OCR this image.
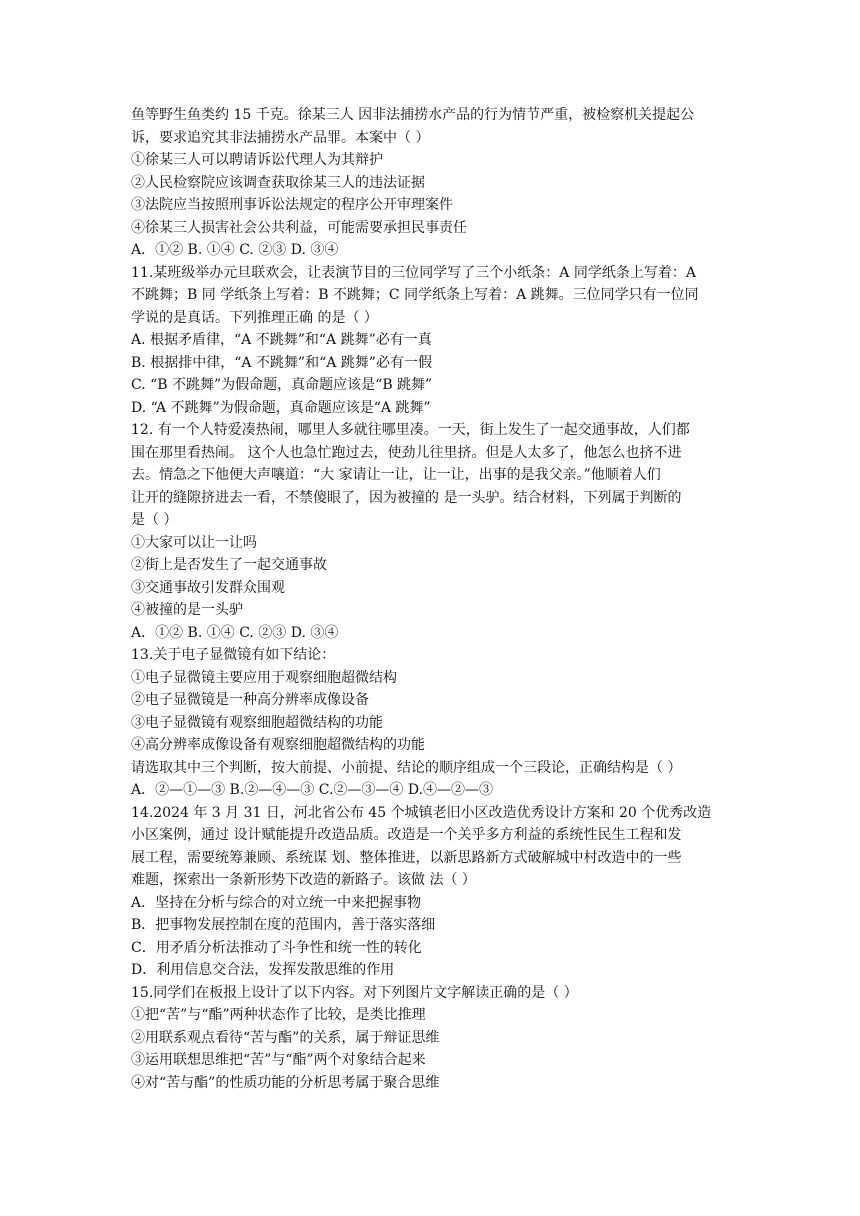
鱼等野生鱼类约 15 千克。徐某三人 因非法捕捞水产品的行为情节严重，被检察机关提起公
诉，要求追究其非法捕捞水产品罪。本案中（ ）
①徐某三人可以聘请诉讼代理人为其辩护
②人民检察院应该调查获取徐某三人的违法证据
③法院应当按照刑事诉讼法规定的程序公开审理案件
④徐某三人损害社会公共利益，可能需要承担民事责任
A．①② B. ①④ C. ②③ D. ③④
11.某班级举办元旦联欢会，让表演节目的三位同学写了三个小纸条：A 同学纸条上写着：A
不跳舞；B 同 学纸条上写着：B 不跳舞；C 同学纸条上写着：A 跳舞。三位同学只有一位同
学说的是真话。下列推理正确 的是（ ）
A. 根据矛盾律，“A 不跳舞”和“A 跳舞”必有一真
B. 根据排中律，“A 不跳舞”和“A 跳舞”必有一假
C. “B 不跳舞”为假命题，真命题应该是“B 跳舞”
D. “A 不跳舞”为假命题，真命题应该是“A 跳舞”
12. 有一个人特爱凑热闹，哪里人多就往哪里凑。一天，街上发生了一起交通事故，人们都
围在那里看热闹。 这个人也急忙跑过去，使劲儿往里挤。但是人太多了，他怎么也挤不进
去。情急之下他便大声嚷道：“大 家请让一让，让一让，出事的是我父亲。”他顺着人们
让开的缝隙挤进去一看，不禁傻眼了，因为被撞的 是一头驴。结合材料，下列属于判断的
是（ ）
①大家可以让一让吗
②街上是否发生了一起交通事故
③交通事故引发群众围观
④被撞的是一头驴
A．①② B. ①④ C. ②③ D. ③④
13.关于电子显微镜有如下结论：
①电子显微镜主要应用于观察细胞超微结构
②电子显微镜是一种高分辨率成像设备
③电子显微镜有观察细胞超微结构的功能
④高分辨率成像设备有观察细胞超微结构的功能
请选取其中三个判断，按大前提、小前提、结论的顺序组成一个三段论，正确结构是（ ）
A．②—①—③ B.②—④—③ C.②—③—④ D.④—②—③
14.2024 年 3 月 31 日，河北省公布 45 个城镇老旧小区改造优秀设计方案和 20 个优秀改造
小区案例，通过 设计赋能提升改造品质。改造是一个关乎多方利益的系统性民生工程和发
展工程，需要统筹兼顾、系统谋 划、整体推进，以新思路新方式破解城中村改造中的一些
难题，探索出一条新形势下改造的新路子。该做 法（ ）
A．坚持在分析与综合的对立统一中来把握事物
B．把事物发展控制在度的范围内，善于落实落细
C．用矛盾分析法推动了斗争性和统一性的转化
D．利用信息交合法，发挥发散思维的作用
15.同学们在板报上设计了以下内容。对下列图片文字解读正确的是（ ）
①把“苦”与“酯”两种状态作了比较，是类比推理
②用联系观点看待“苦与酯”的关系，属于辩证思维
③运用联想思维把“苦”与“酯”两个对象结合起来
④对“苦与酯”的性质功能的分析思考属于聚合思维
